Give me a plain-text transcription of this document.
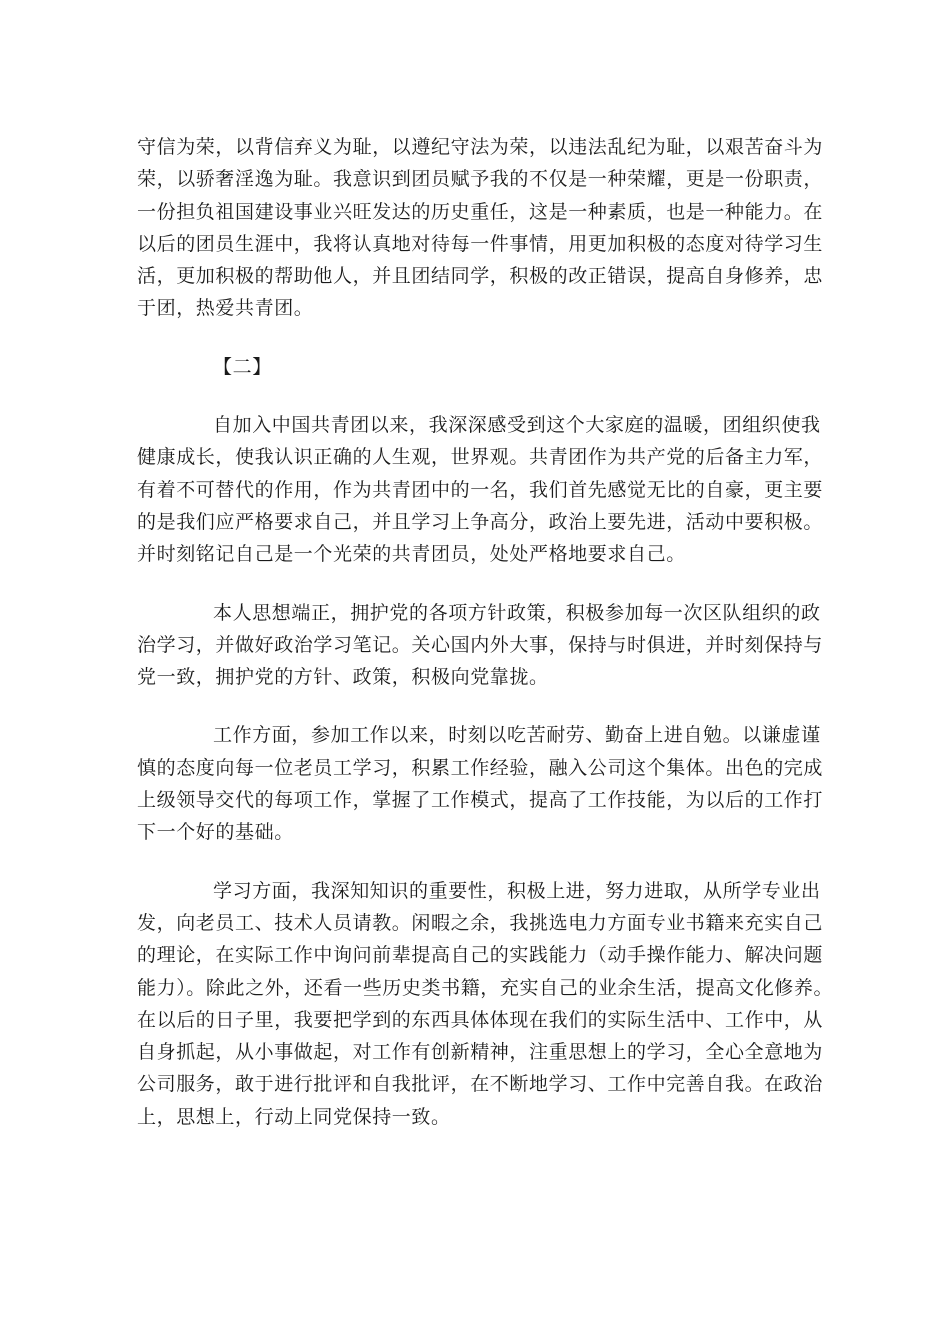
守信为荣，以背信弃义为耻，以遵纪守法为荣，以违法乱纪为耻，以艰苦奋斗为
荣，以骄奢淫逸为耻。我意识到团员赋予我的不仅是一种荣耀，更是一份职责，
一份担负祖国建设事业兴旺发达的历史重任，这是一种素质，也是一种能力。在
以后的团员生涯中，我将认真地对待每一件事情，用更加积极的态度对待学习生
活，更加积极的帮助他人，并且团结同学，积极的改正错误，提高自身修养，忠
于团，热爱共青团。

【二】

自加入中国共青团以来，我深深感受到这个大家庭的温暖，团组织使我
健康成长，使我认识正确的人生观，世界观。共青团作为共产党的后备主力军，
有着不可替代的作用，作为共青团中的一名，我们首先感觉无比的自豪，更主要
的是我们应严格要求自己，并且学习上争高分，政治上要先进，活动中要积极。
并时刻铭记自己是一个光荣的共青团员，处处严格地要求自己。

本人思想端正，拥护党的各项方针政策，积极参加每一次区队组织的政
治学习，并做好政治学习笔记。关心国内外大事，保持与时俱进，并时刻保持与
党一致，拥护党的方针、政策，积极向党靠拢。

工作方面，参加工作以来，时刻以吃苦耐劳、勤奋上进自勉。以谦虚谨
慎的态度向每一位老员工学习，积累工作经验，融入公司这个集体。出色的完成
上级领导交代的每项工作，掌握了工作模式，提高了工作技能，为以后的工作打
下一个好的基础。

学习方面，我深知知识的重要性，积极上进，努力进取，从所学专业出
发，向老员工、技术人员请教。闲暇之余，我挑选电力方面专业书籍来充实自己
的理论，在实际工作中询问前辈提高自己的实践能力（动手操作能力、解决问题
能力）。除此之外，还看一些历史类书籍，充实自己的业余生活，提高文化修养。
在以后的日子里，我要把学到的东西具体体现在我们的实际生活中、工作中，从
自身抓起，从小事做起，对工作有创新精神，注重思想上的学习，全心全意地为
公司服务，敢于进行批评和自我批评，在不断地学习、工作中完善自我。在政治
上，思想上，行动上同党保持一致。
